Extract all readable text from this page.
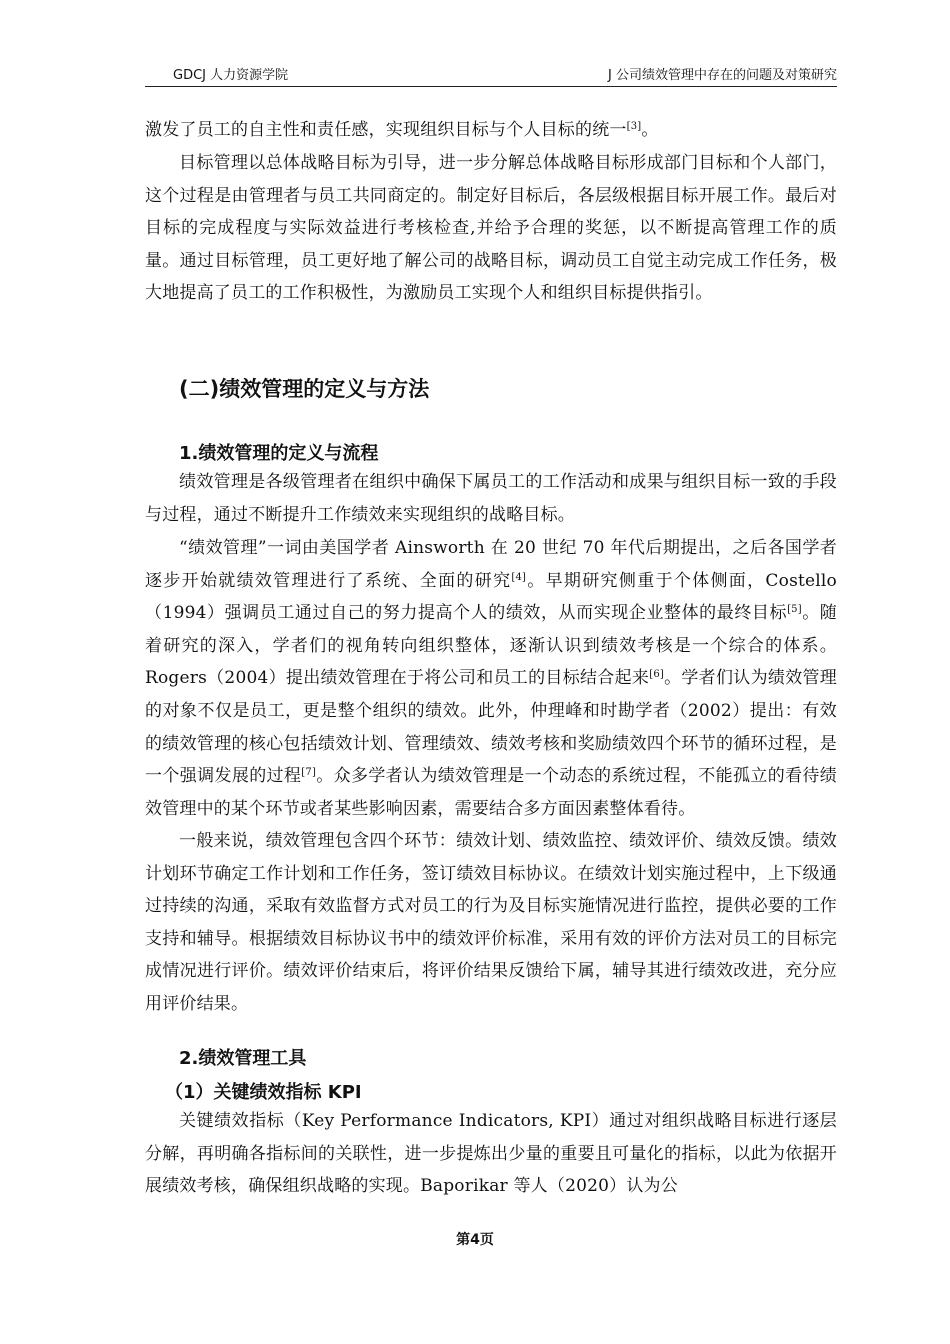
GDCJ 人力资源学院	J 公司绩效管理中存在的问题及对策研究

激发了员工的自主性和责任感，实现组织目标与个人目标的统一[3]。

目标管理以总体战略目标为引导，进一步分解总体战略目标形成部门目标和个人部门，这个过程是由管理者与员工共同商定的。制定好目标后，各层级根据目标开展工作。最后对目标的完成程度与实际效益进行考核检查,并给予合理的奖惩，以不断提高管理工作的质量。通过目标管理，员工更好地了解公司的战略目标，调动员工自觉主动完成工作任务，极大地提高了员工的工作积极性，为激励员工实现个人和组织目标提供指引。

(二)绩效管理的定义与方法
1.绩效管理的定义与流程

绩效管理是各级管理者在组织中确保下属员工的工作活动和成果与组织目标一致的手段与过程，通过不断提升工作绩效来实现组织的战略目标。

“绩效管理”一词由美国学者 Ainsworth 在 20 世纪 70 年代后期提出，之后各国学者逐步开始就绩效管理进行了系统、全面的研究[4]。早期研究侧重于个体侧面，Costello（1994）强调员工通过自己的努力提高个人的绩效，从而实现企业整体的最终目标[5]。随着研究的深入，学者们的视角转向组织整体，逐渐认识到绩效考核是一个综合的体系。Rogers（2004）提出绩效管理在于将公司和员工的目标结合起来[6]。学者们认为绩效管理的对象不仅是员工，更是整个组织的绩效。此外，仲理峰和时勘学者（2002）提出：有效的绩效管理的核心包括绩效计划、管理绩效、绩效考核和奖励绩效四个环节的循环过程，是一个强调发展的过程[7]。众多学者认为绩效管理是一个动态的系统过程，不能孤立的看待绩效管理中的某个环节或者某些影响因素，需要结合多方面因素整体看待。

一般来说，绩效管理包含四个环节：绩效计划、绩效监控、绩效评价、绩效反馈。绩效计划环节确定工作计划和工作任务，签订绩效目标协议。在绩效计划实施过程中，上下级通过持续的沟通，采取有效监督方式对员工的行为及目标实施情况进行监控，提供必要的工作支持和辅导。根据绩效目标协议书中的绩效评价标准，采用有效的评价方法对员工的目标完成情况进行评价。绩效评价结束后，将评价结果反馈给下属，辅导其进行绩效改进，充分应用评价结果。

2.绩效管理工具
（1）关键绩效指标 KPI

关键绩效指标（Key Performance Indicators, KPI）通过对组织战略目标进行逐层分解，再明确各指标间的关联性，进一步提炼出少量的重要且可量化的指标，以此为依据开展绩效考核，确保组织战略的实现。Baporikar 等人（2020）认为公

第4页
